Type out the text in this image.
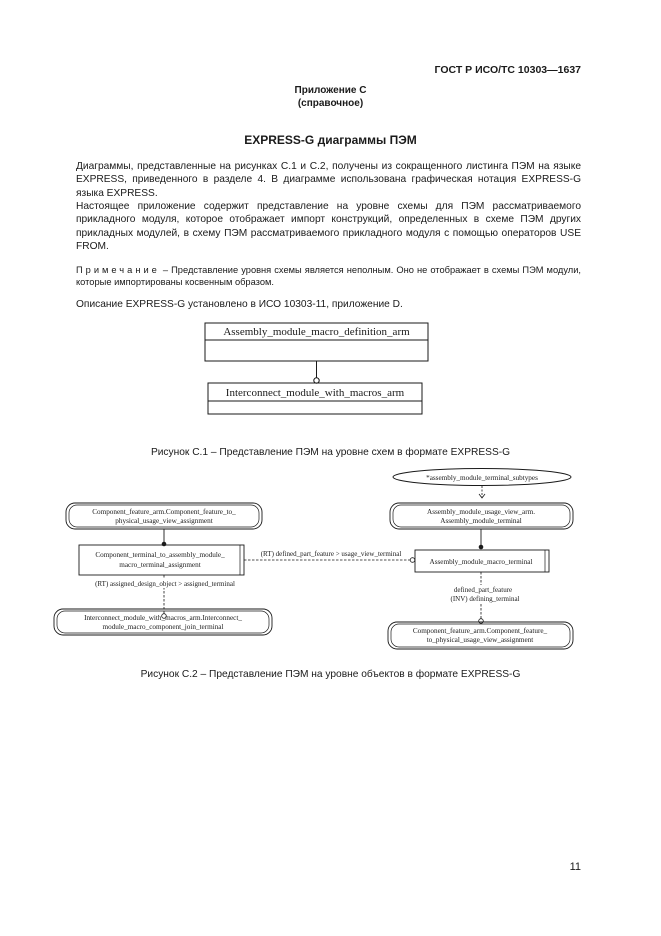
ГОСТ Р ИСО/ТС 10303—1637
Приложение С
(справочное)
EXPRESS-G диаграммы ПЭМ

Диаграммы, представленные на рисунках С.1 и С.2, получены из сокращенного листинга ПЭМ на языке EXPRESS, приведенного в разделе 4. В диаграмме использована графическая нотация EXPRESS-G языка EXPRESS.

Настоящее приложение содержит представление на уровне схемы для ПЭМ рассматриваемого прикладного модуля, которое отображает импорт конструкций, определенных в схеме ПЭМ других прикладных модулей, в схему ПЭМ рассматриваемого прикладного модуля с помощью операторов USE FROM.

Примечание – Представление уровня схемы является неполным. Оно не отображает в схемы ПЭМ модули, которые импортированы косвенным образом.
Описание EXPRESS-G установлено в ИСО 10303-11, приложение D.
Assembly_module_macro_definition_arm
Interconnect_module_with_macros_arm
Рисунок С.1 – Представление ПЭМ на уровне схем в формате EXPRESS-G
*assembly_module_terminal_subtypes
Component_feature_arm.Component_feature_to_
physical_usage_view_assignment
Assembly_module_usage_view_arm.
Assembly_module_terminal
Component_terminal_to_assembly_module_
macro_terminal_assignment
(RT) defined_part_feature > usage_view_terminal
Assembly_module_macro_terminal
(RT) assigned_design_object > assigned_terminal
Interconnect_module_with_macros_arm.Interconnect_
module_macro_component_join_terminal
defined_part_feature
(INV) defining_terminal
Component_feature_arm.Component_feature_
to_physical_usage_view_assignment
Рисунок С.2 – Представление ПЭМ на уровне объектов в формате EXPRESS-G
11
